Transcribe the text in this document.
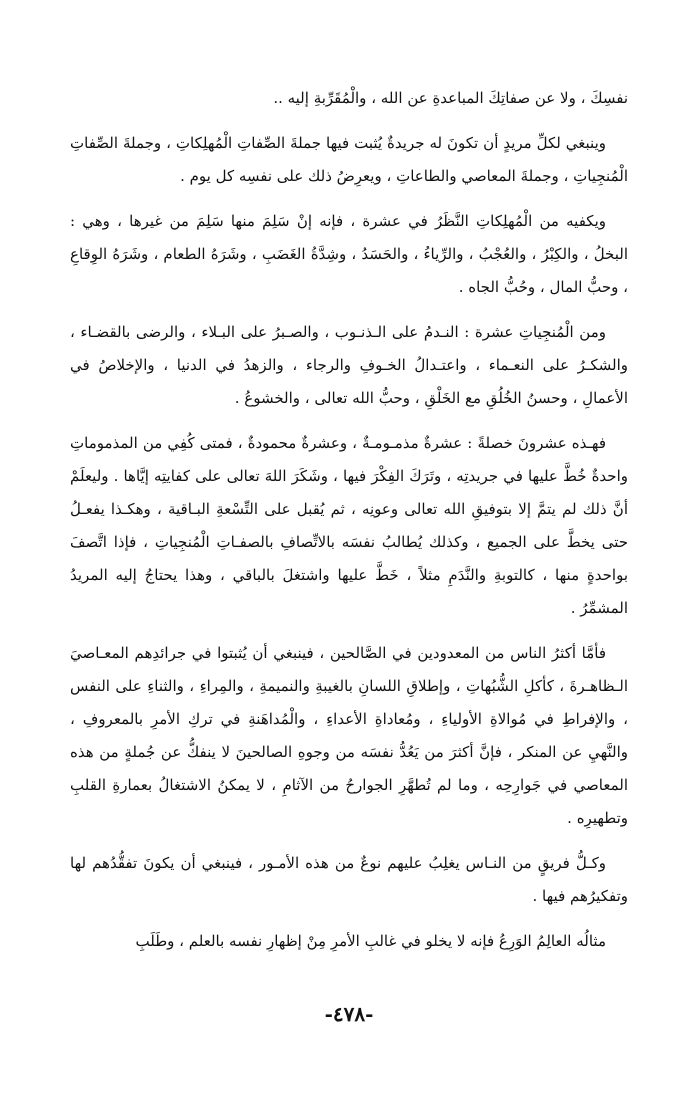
نفسِكَ ، ولا عن صفاتِكَ المباعدةِ عن الله ، والْمُقَرِّبةِ إليه ..

وينبغي لكلِّ مريدٍ أن تكونَ له جريدةٌ يُثبت فيها جملةَ الصِّفاتِ الْمُهلِكاتِ ، وجملةَ الصِّفاتِ الْمُنجِياتِ ، وجملةَ المعاصي والطاعاتِ ، ويعرِضُ ذلك على نفسِه كل يوم .

ويكفيه من الْمُهلِكاتِ النَّظَرُ في عشرة ، فإنه إنْ سَلِمَ منها سَلِمَ من غيرها ، وهي : البخلُ ، والكِبْرُ ، والعُجْبُ ، والرِّياءُ ، والحَسَدُ ، وشِدَّةُ الغَضَبِ ، وشَرَهُ الطعام ، وشَرَهُ الوِقاعِ ، وحبُّ المال ، وحُبُّ الجاه .

ومن الْمُنجِياتِ عشرة : النـدمُ على الـذنـوب ، والصـبرُ على البـلاء ، والرضى بالقضـاء ، والشكـرُ على النعـماء ، واعتـدالُ الخـوفِ والرجاء ، والزهدُ في الدنيا ، والإخلاصُ في الأعمالِ ، وحسنُ الخُلُقِ مع الخَلْقِ ، وحبُّ الله تعالى ، والخشوعُ .

فهـذه عشرونَ خصلةً : عشرةٌ مذمـومـةٌ ، وعشرةٌ محمودةٌ ، فمتى كُفِي من المذموماتِ واحدةٌ خُطَّ عليها في جريدتِه ، وتَرَكَ الفِكْرَ فيها ، وشَكَرَ اللهَ تعالى على كفايتِه إيَّاها . وليعلَمْ أنَّ ذلك لم يتمَّ إلا بتوفيقِ الله تعالى وعونِه ، ثم يُقبل على التِّسْعةِ البـاقية ، وهكـذا يفعـلُ حتى يخطَّ على الجميع ، وكذلك يُطالبُ نفسَه بالاتِّصافِ بالصفـاتِ الْمُنجِياتِ ، فإذا اتَّصفَ بواحدةٍ منها ، كالتوبةِ والنَّدَمِ مثلاً ، خَطَّ عليها واشتغلَ بالباقي ، وهذا يحتاجُ إليه المريدُ المشمِّرُ .

فأمَّا أكثرُ الناس من المعدودين في الصَّالحين ، فينبغي أن يُثبتوا في جرائدِهم المعـاصيَ الـظاهـرةَ ، كأكلِ الشُّبُهاتِ ، وإطلاقِ اللسانِ بالغيبةِ والنميمةِ ، والمِراءِ ، والثناءِ على النفس ، والإفراطِ في مُوالاةِ الأولياءِ ، ومُعاداةِ الأعداءِ ، والْمُداهَنةِ في تركِ الأمرِ بالمعروفِ ، والنَّهيِ عن المنكر ، فإنَّ أكثرَ من يَعُدُّ نفسَه من وجوهِ الصالحينَ لا ينفكُّ عن جُملةٍ من هذه المعاصي في جَوارِحِه ، وما لم تُطهَّرِ الجوارحُ من الآثامِ ، لا يمكنُ الاشتغالُ بعمارةِ القلبِ وتطهيرِه .

وكـلُّ فريقٍ من النـاس يغلِبُ عليهم نوعٌ من هذه الأمـور ، فينبغي أن يكونَ تفقُّدُهم لها وتفكيرُهم فيها .

مثالُه العالِمُ الوَرِعُ فإنه لا يخلو في غالبِ الأمرِ مِنْ إظهارِ نفسه بالعلم ، وطَلَبِ

-٤٧٨-
